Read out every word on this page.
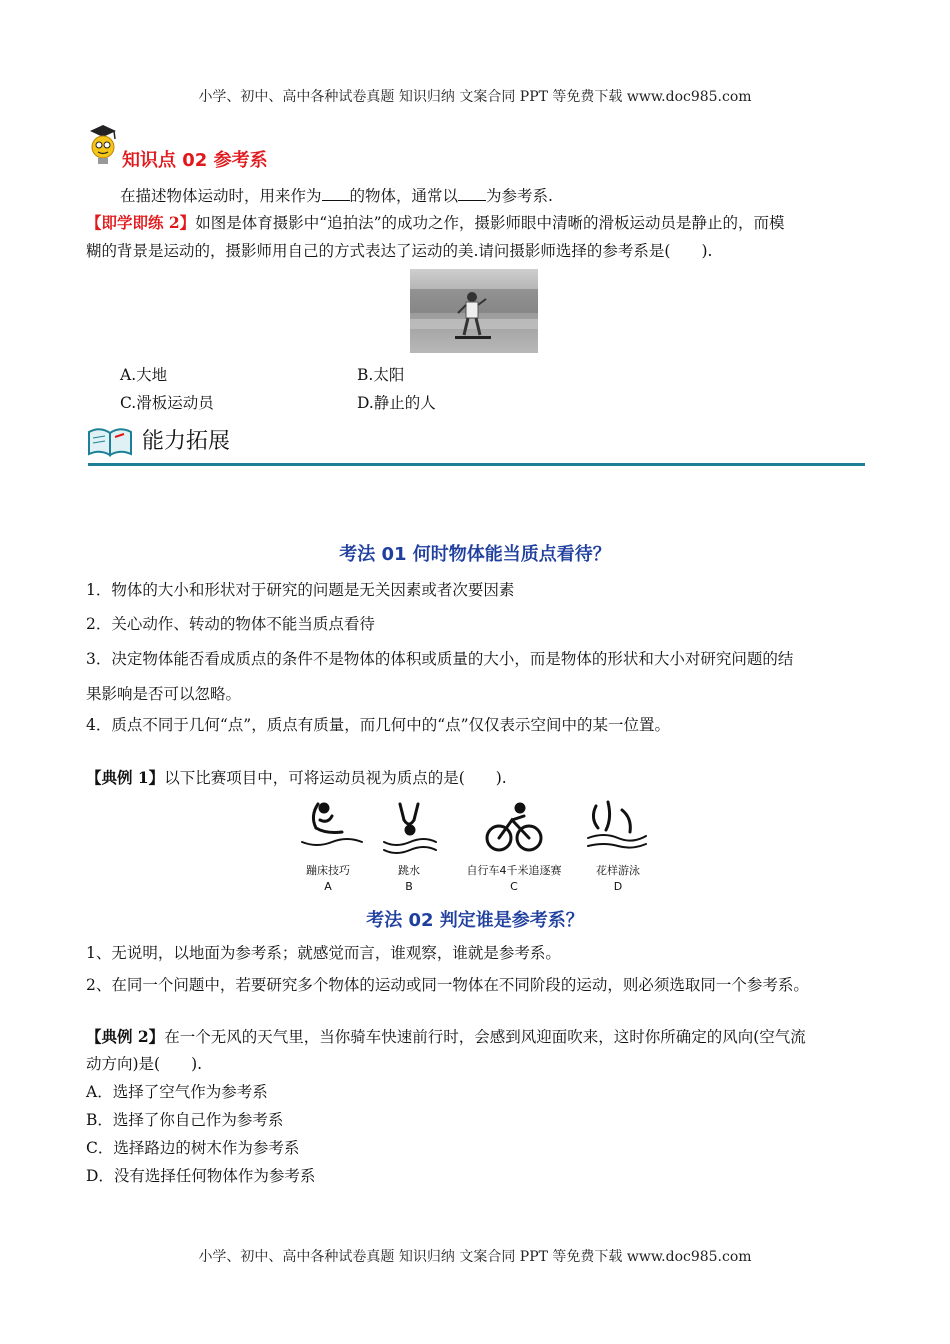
小学、初中、高中各种试卷真题 知识归纳 文案合同 PPT 等免费下载 www.doc985.com
知识点 02 参考系
在描述物体运动时，用来作为 的物体，通常以 为参考系.
【即学即练 2】如图是体育摄影中“追拍法”的成功之作，摄影师眼中清晰的滑板运动员是静止的，而模
糊的背景是运动的，摄影师用自己的方式表达了运动的美.请问摄影师选择的参考系是(　　).
A.大地	B.太阳
C.滑板运动员	D.静止的人
能力拓展
考法 01 何时物体能当质点看待？
1．物体的大小和形状对于研究的问题是无关因素或者次要因素
2．关心动作、转动的物体不能当质点看待
3．决定物体能否看成质点的条件不是物体的体积或质量的大小，而是物体的形状和大小对研究问题的结
果影响是否可以忽略。
4．质点不同于几何“点”，质点有质量，而几何中的“点”仅仅表示空间中的某一位置。
【典例 1】以下比赛项目中，可将运动员视为质点的是(　　).
蹦床技巧
A
跳水
B
自行车4千米追逐赛
C
花样游泳
D
考法 02 判定谁是参考系？
1、无说明，以地面为参考系；就感觉而言，谁观察，谁就是参考系。
2、在同一个问题中，若要研究多个物体的运动或同一物体在不同阶段的运动，则必须选取同一个参考系。
【典例 2】在一个无风的天气里，当你骑车快速前行时，会感到风迎面吹来，这时你所确定的风向(空气流
动方向)是(　　).
A．选择了空气作为参考系
B．选择了你自己作为参考系
C．选择路边的树木作为参考系
D．没有选择任何物体作为参考系
小学、初中、高中各种试卷真题 知识归纳 文案合同 PPT 等免费下载 www.doc985.com
